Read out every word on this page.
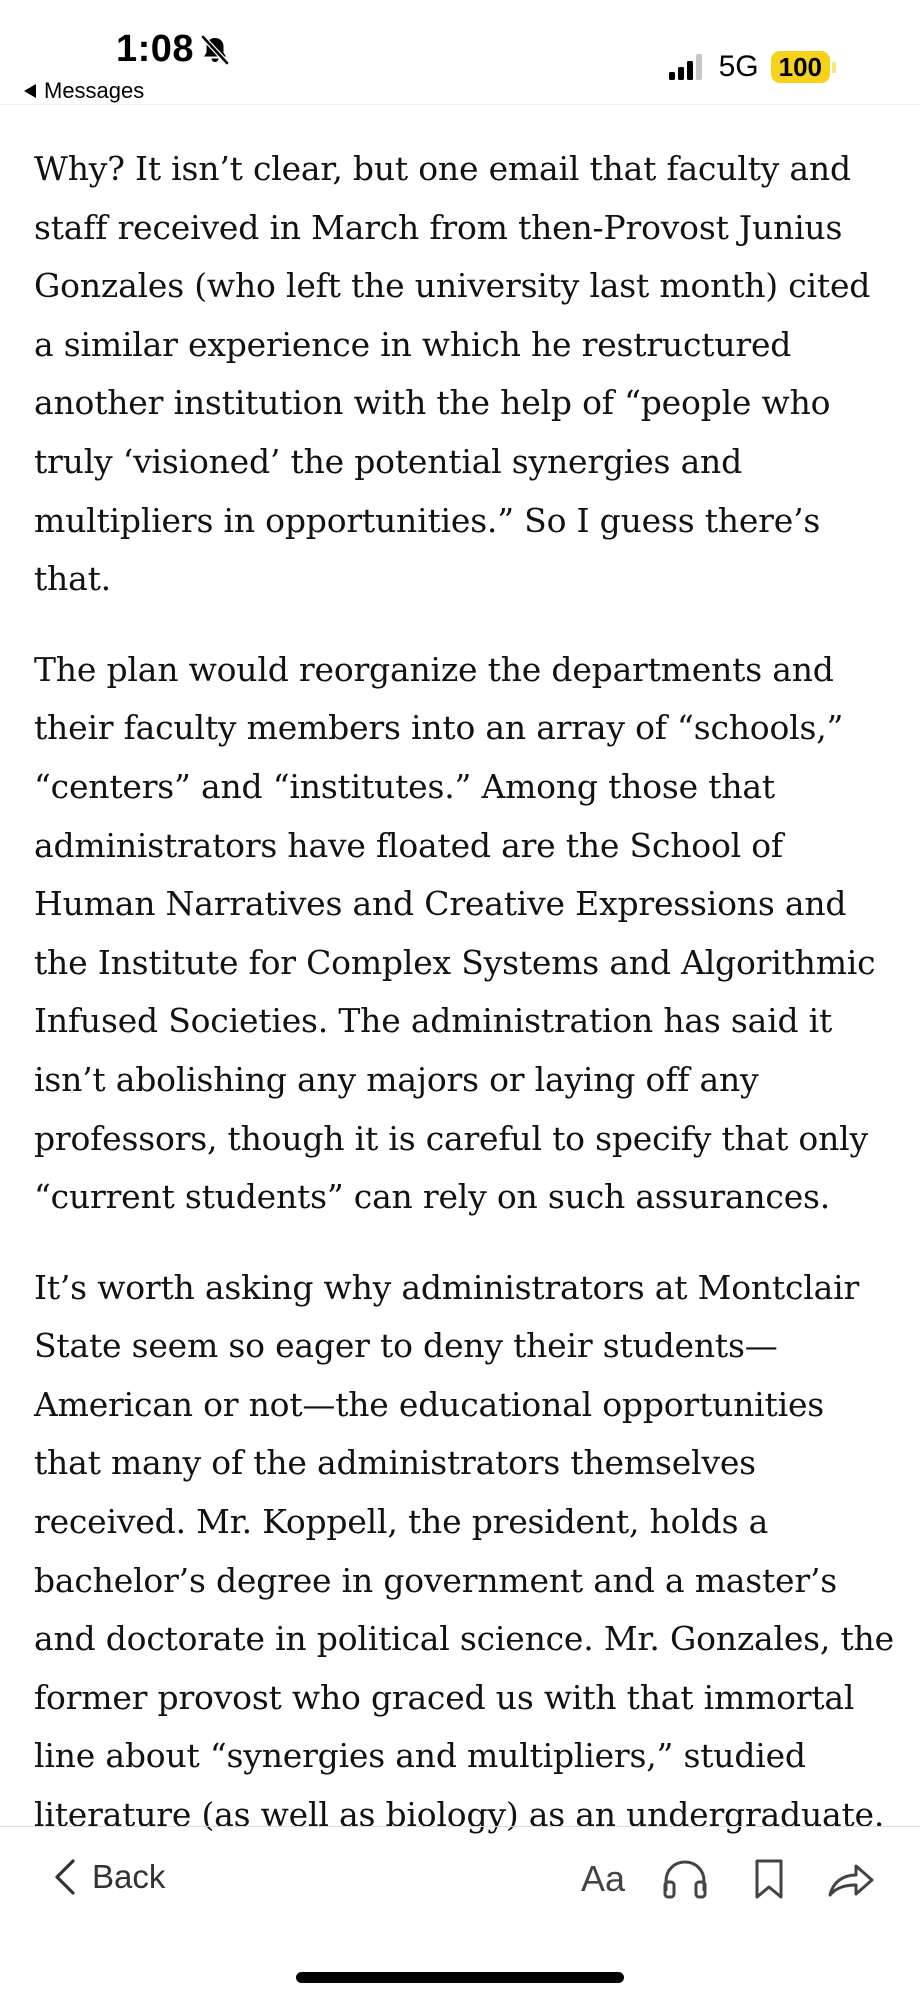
1:08
Messages
5G 100

Why? It isn’t clear, but one email that faculty and staff received in March from then-Provost Junius Gonzales (who left the university last month) cited a similar experience in which he restructured another institution with the help of “people who truly ‘visioned’ the potential synergies and multipliers in opportunities.” So I guess there’s that.

The plan would reorganize the departments and their faculty members into an array of “schools,” “centers” and “institutes.” Among those that administrators have floated are the School of Human Narratives and Creative Expressions and the Institute for Complex Systems and Algorithmic Infused Societies. The administration has said it isn’t abolishing any majors or laying off any professors, though it is careful to specify that only “current students” can rely on such assurances.

It’s worth asking why administrators at Montclair State seem so eager to deny their students—American or not—the educational opportunities that many of the administrators themselves received. Mr. Koppell, the president, holds a bachelor’s degree in government and a master’s and doctorate in political science. Mr. Gonzales, the former provost who graced us with that immortal line about “synergies and multipliers,” studied literature (as well as biology) as an undergraduate.

Back	Aa
